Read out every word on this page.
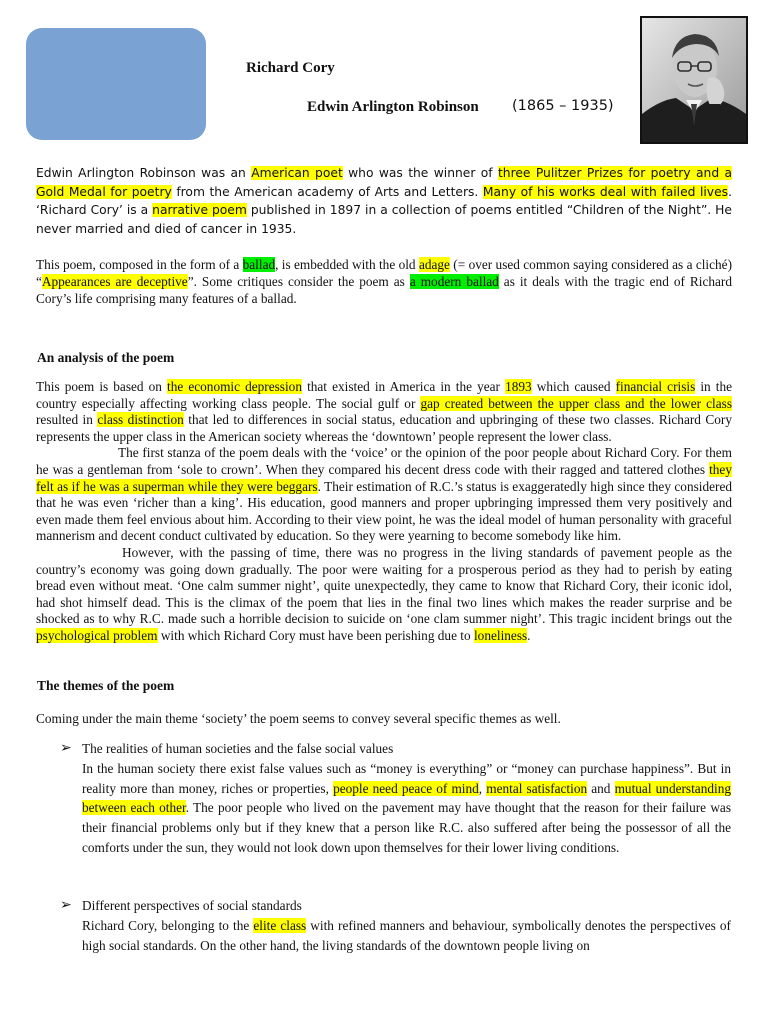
Richard Cory
Edwin Arlington Robinson (1865 – 1935)
Edwin Arlington Robinson was an American poet who was the winner of three Pulitzer Prizes for poetry and a Gold Medal for poetry from the American academy of Arts and Letters. Many of his works deal with failed lives. ‘Richard Cory’ is a narrative poem published in 1897 in a collection of poems entitled “Children of the Night”. He never married and died of cancer in 1935.
This poem, composed in the form of a ballad, is embedded with the old adage (= over used common saying considered as a cliché) “Appearances are deceptive”. Some critiques consider the poem as a modern ballad as it deals with the tragic end of Richard Cory’s life comprising many features of a ballad.
An analysis of the poem
This poem is based on the economic depression that existed in America in the year 1893 which caused financial crisis in the country especially affecting working class people. The social gulf or gap created between the upper class and the lower class resulted in class distinction that led to differences in social status, education and upbringing of these two classes. Richard Cory represents the upper class in the American society whereas the ‘downtown’ people represent the lower class.
The first stanza of the poem deals with the ‘voice’ or the opinion of the poor people about Richard Cory. For them he was a gentleman from ‘sole to crown’. When they compared his decent dress code with their ragged and tattered clothes they felt as if he was a superman while they were beggars. Their estimation of R.C.’s status is exaggeratedly high since they considered that he was even ‘richer than a king’. His education, good manners and proper upbringing impressed them very positively and even made them feel envious about him. According to their view point, he was the ideal model of human personality with graceful mannerism and decent conduct cultivated by education. So they were yearning to become somebody like him.
However, with the passing of time, there was no progress in the living standards of pavement people as the country’s economy was going down gradually. The poor were waiting for a prosperous period as they had to perish by eating bread even without meat. ‘One calm summer night’, quite unexpectedly, they came to know that Richard Cory, their iconic idol, had shot himself dead. This is the climax of the poem that lies in the final two lines which makes the reader surprise and be shocked as to why R.C. made such a horrible decision to suicide on ‘one clam summer night’. This tragic incident brings out the psychological problem with which Richard Cory must have been perishing due to loneliness.
The themes of the poem
Coming under the main theme ‘society’ the poem seems to convey several specific themes as well.
➢ The realities of human societies and the false social values
In the human society there exist false values such as “money is everything” or “money can purchase happiness”. But in reality more than money, riches or properties, people need peace of mind, mental satisfaction and mutual understanding between each other. The poor people who lived on the pavement may have thought that the reason for their failure was their financial problems only but if they knew that a person like R.C. also suffered after being the possessor of all the comforts under the sun, they would not look down upon themselves for their lower living conditions.
➢ Different perspectives of social standards
Richard Cory, belonging to the elite class with refined manners and behaviour, symbolically denotes the perspectives of high social standards. On the other hand, the living standards of the downtown people living on
